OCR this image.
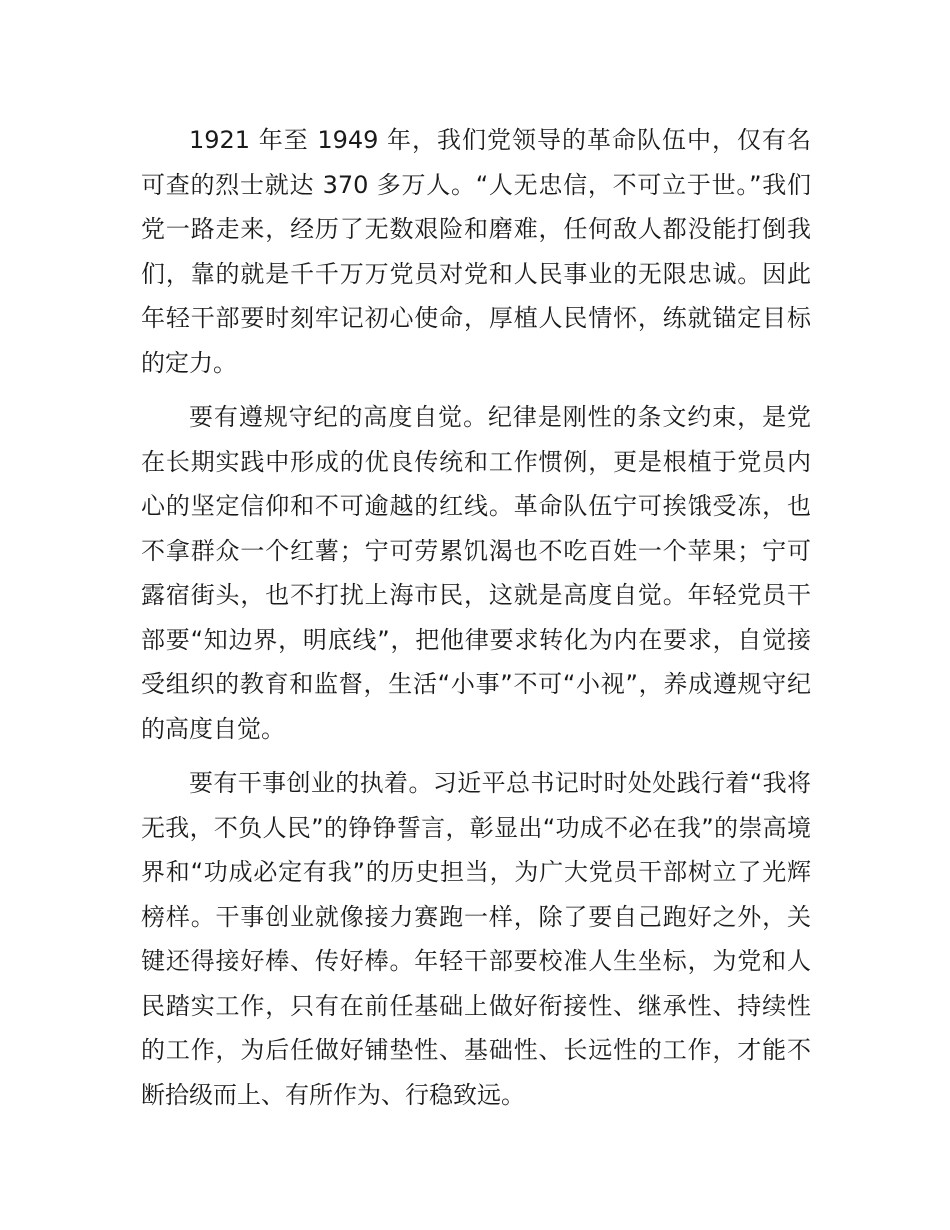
1921 年至 1949 年，我们党领导的革命队伍中，仅有名可查的烈士就达 370 多万人。“人无忠信，不可立于世。”我们党一路走来，经历了无数艰险和磨难，任何敌人都没能打倒我们，靠的就是千千万万党员对党和人民事业的无限忠诚。因此年轻干部要时刻牢记初心使命，厚植人民情怀，练就锚定目标的定力。

要有遵规守纪的高度自觉。纪律是刚性的条文约束，是党在长期实践中形成的优良传统和工作惯例，更是根植于党员内心的坚定信仰和不可逾越的红线。革命队伍宁可挨饿受冻，也不拿群众一个红薯；宁可劳累饥渴也不吃百姓一个苹果；宁可露宿街头，也不打扰上海市民，这就是高度自觉。年轻党员干部要“知边界，明底线”，把他律要求转化为内在要求，自觉接受组织的教育和监督，生活“小事”不可“小视”，养成遵规守纪的高度自觉。

要有干事创业的执着。习近平总书记时时处处践行着“我将无我，不负人民”的铮铮誓言，彰显出“功成不必在我”的崇高境界和“功成必定有我”的历史担当，为广大党员干部树立了光辉榜样。干事创业就像接力赛跑一样，除了要自己跑好之外，关键还得接好棒、传好棒。年轻干部要校准人生坐标，为党和人民踏实工作，只有在前任基础上做好衔接性、继承性、持续性的工作，为后任做好铺垫性、基础性、长远性的工作，才能不断拾级而上、有所作为、行稳致远。
